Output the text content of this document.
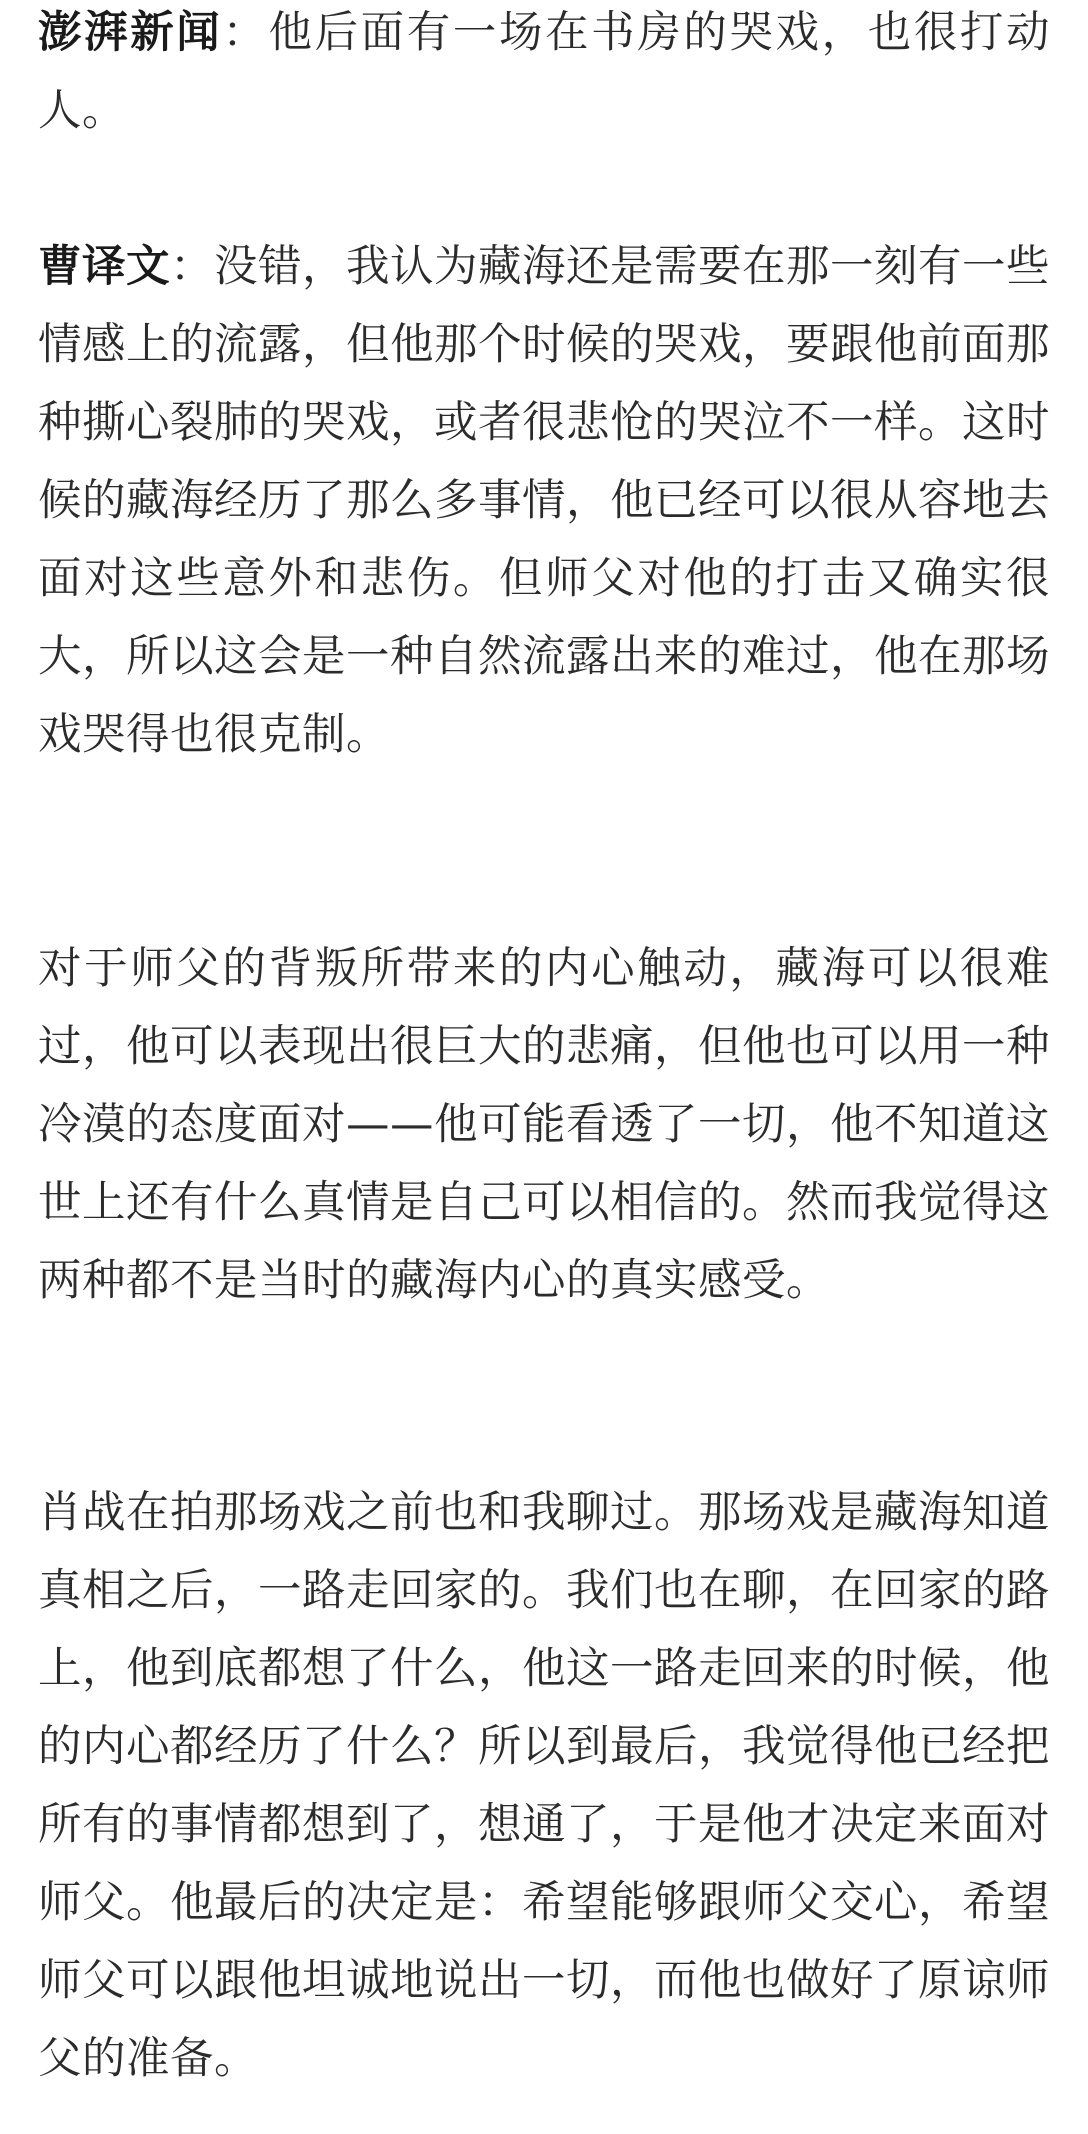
澎湃新闻：他后面有一场在书房的哭戏，也很打动人。

曹译文：没错，我认为藏海还是需要在那一刻有一些情感上的流露，但他那个时候的哭戏，要跟他前面那种撕心裂肺的哭戏，或者很悲怆的哭泣不一样。这时候的藏海经历了那么多事情，他已经可以很从容地去面对这些意外和悲伤。但师父对他的打击又确实很大，所以这会是一种自然流露出来的难过，他在那场戏哭得也很克制。

对于师父的背叛所带来的内心触动，藏海可以很难过，他可以表现出很巨大的悲痛，但他也可以用一种冷漠的态度面对——他可能看透了一切，他不知道这世上还有什么真情是自己可以相信的。然而我觉得这两种都不是当时的藏海内心的真实感受。

肖战在拍那场戏之前也和我聊过。那场戏是藏海知道真相之后，一路走回家的。我们也在聊，在回家的路上，他到底都想了什么，他这一路走回来的时候，他的内心都经历了什么？所以到最后，我觉得他已经把所有的事情都想到了，想通了，于是他才决定来面对师父。他最后的决定是：希望能够跟师父交心，希望师父可以跟他坦诚地说出一切，而他也做好了原谅师父的准备。
